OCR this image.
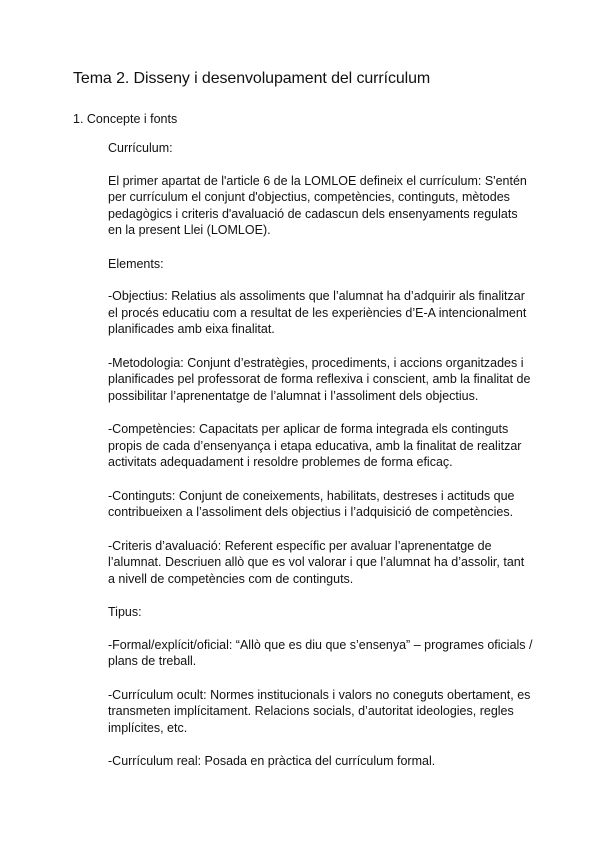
Tema 2. Disseny i desenvolupament del currículum
1. Concepte i fonts

Currículum:

El primer apartat de l'article 6 de la LOMLOE defineix el currículum: S'entén per currículum el conjunt d'objectius, competències, continguts, mètodes pedagògics i criteris d'avaluació de cadascun dels ensenyaments regulats en la present Llei (LOMLOE).

Elements:

-Objectius: Relatius als assoliments que l’alumnat ha d’adquirir als finalitzar el procés educatiu com a resultat de les experiències d’E-A intencionalment planificades amb eixa finalitat.

-Metodologia: Conjunt d’estratègies, procediments, i accions organitzades i planificades pel professorat de forma reflexiva i conscient, amb la finalitat de possibilitar l’aprenentatge de l’alumnat i l’assoliment dels objectius.

-Competències: Capacitats per aplicar de forma integrada els continguts propis de cada d’ensenyança i etapa educativa, amb la finalitat de realitzar activitats adequadament i resoldre problemes de forma eficaç.

-Continguts: Conjunt de coneixements, habilitats, destreses i actituds que contribueixen a l’assoliment dels objectius i l’adquisició de competències.

-Criteris d’avaluació: Referent específic per avaluar l’aprenentatge de l’alumnat. Descriuen allò que es vol valorar i que l’alumnat ha d’assolir, tant a nivell de competències com de continguts.

Tipus:

-Formal/explícit/oficial: “Allò que es diu que s’ensenya” – programes oficials / plans de treball.

-Currículum ocult: Normes institucionals i valors no coneguts obertament, es transmeten implícitament. Relacions socials, d’autoritat ideologies, regles implícites, etc.

-Currículum real: Posada en pràctica del currículum formal.
